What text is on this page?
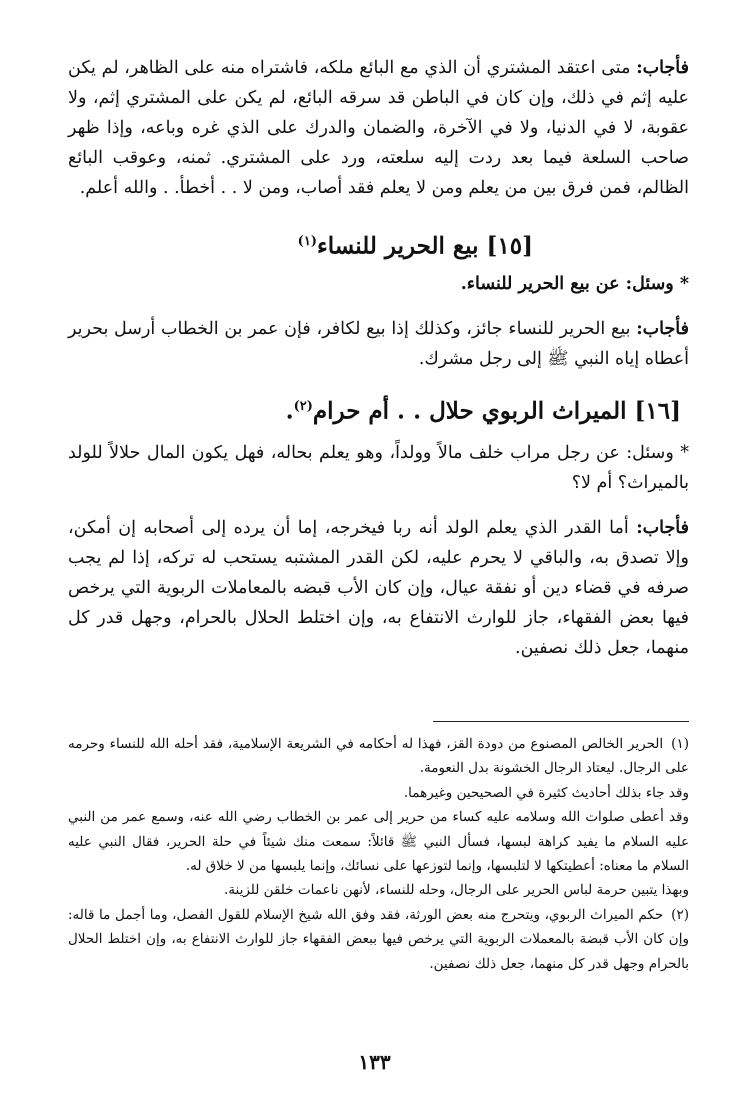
فأجاب: متى اعتقد المشتري أن الذي مع البائع ملكه، فاشتراه منه على الظاهر، لم يكن عليه إثم في ذلك، وإن كان في الباطن قد سرقه البائع، لم يكن على المشتري إثم، ولا عقوبة، لا في الدنيا، ولا في الآخرة، والضمان والدرك على الذي غره وباعه، وإذا ظهر صاحب السلعة فيما بعد ردت إليه سلعته، ورد على المشتري. ثمنه، وعوقب البائع الظالم، فمن فرق بين من يعلم ومن لا يعلم فقد أصاب، ومن لا . . أخطأ. . والله أعلم.
[١٥] بيع الحرير للنساء$^{(١)}$
* وسئل: عن بيع الحرير للنساء.
فأجاب: بيع الحرير للنساء جائز، وكذلك إذا بيع لكافر، فإن عمر بن الخطاب أرسل بحرير أعطاه إياه النبي ﷺ إلى رجل مشرك.
[١٦] الميراث الربوي حلال . . أم حرام$^{(٢)}$.
* وسئل: عن رجل مراب خلف مالاً وولداً، وهو يعلم بحاله، فهل يكون المال حلالاً للولد بالميراث؟ أم لا؟
فأجاب: أما القدر الذي يعلم الولد أنه ربا فيخرجه، إما أن يرده إلى أصحابه إن أمكن، وإلا تصدق به، والباقي لا يحرم عليه، لكن القدر المشتبه يستحب له تركه، إذا لم يجب صرفه في قضاء دين أو نفقة عيال، وإن كان الأب قبضه بالمعاملات الربوية التي يرخص فيها بعض الفقهاء، جاز للوارث الانتفاع به، وإن اختلط الحلال بالحرام، وجهل قدر كل منهما، جعل ذلك نصفين.

(١)الحرير الخالص المصنوع من دودة القز، فهذا له أحكامه في الشريعة الإسلامية، فقد أحله الله للنساء وحرمه على الرجال. ليعتاد الرجال الخشونة بدل النعومة.
وقد جاء بذلك أحاديث كثيرة في الصحيحين وغيرهما.
وقد أعطى صلوات الله وسلامه عليه كساء من حرير إلى عمر بن الخطاب رضي الله عنه، وسمع عمر من النبي عليه السلام ما يفيد كراهة لبسها، فسأل النبي ﷺ قائلاً: سمعت منك شيئاً في حلة الحرير، فقال النبي عليه السلام ما معناه: أعطيتكها لا لتلبسها، وإنما لتوزعها على نسائك، وإنما يلبسها من لا خلاق له.
وبهذا يتبين حرمة لباس الحرير على الرجال، وحله للنساء، لأنهن ناعمات خلقن للزينة.

(٢)حكم الميراث الربوي، ويتحرج منه بعض الورثة، فقد وفق الله شيخ الإسلام للقول الفصل، وما أجمل ما قاله: وإن كان الأب قبضة بالمعملات الربوية التي يرخص فيها ببعض الفقهاء جاز للوارث الانتفاع به، وإن اختلط الحلال بالحرام وجهل قدر كل منهما، جعل ذلك نصفين.

١٣٣
